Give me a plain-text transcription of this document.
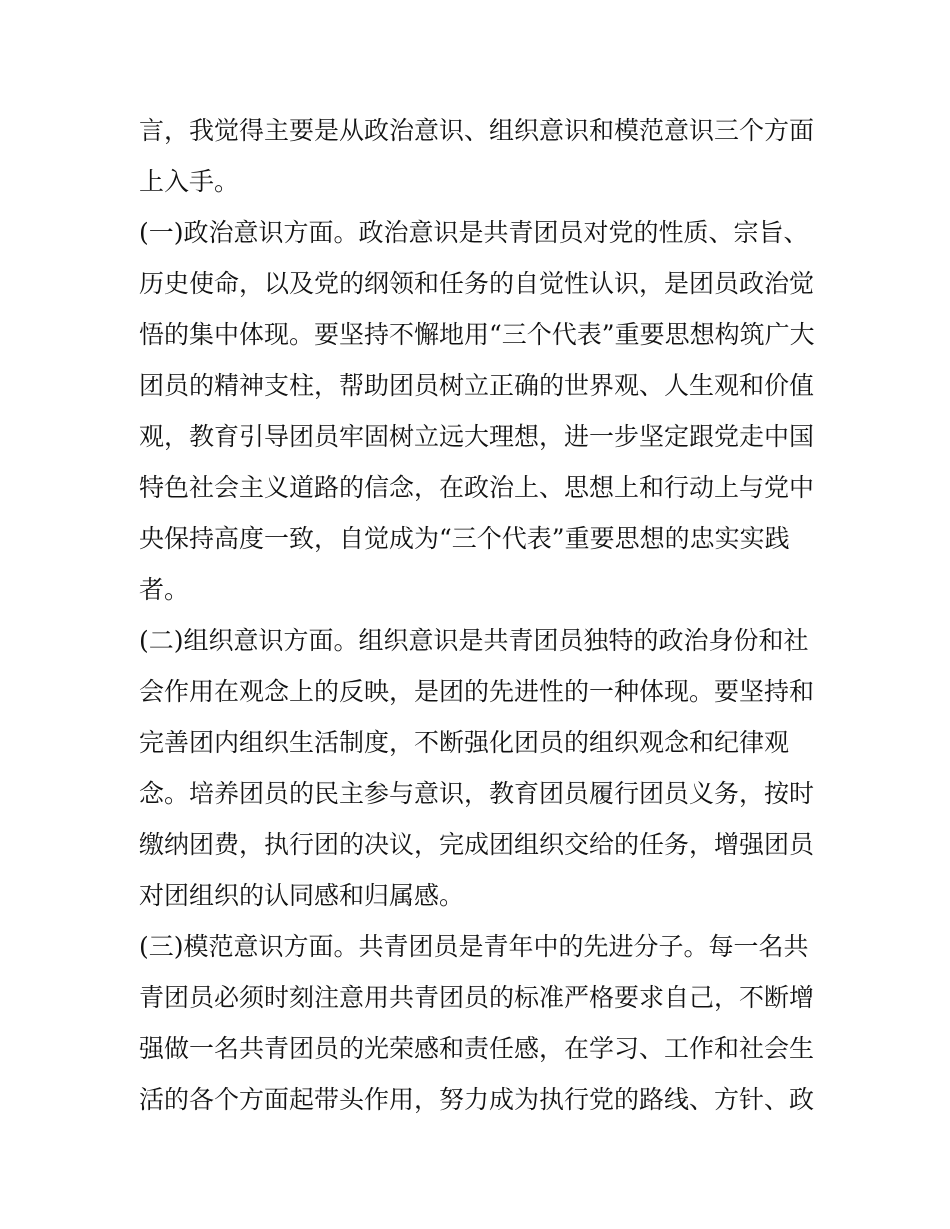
言，我觉得主要是从政治意识、组织意识和模范意识三个方面
上入手。
(一)政治意识方面。政治意识是共青团员对党的性质、宗旨、
历史使命，以及党的纲领和任务的自觉性认识，是团员政治觉
悟的集中体现。要坚持不懈地用“三个代表”重要思想构筑广大
团员的精神支柱，帮助团员树立正确的世界观、人生观和价值
观，教育引导团员牢固树立远大理想，进一步坚定跟党走中国
特色社会主义道路的信念，在政治上、思想上和行动上与党中
央保持高度一致，自觉成为“三个代表”重要思想的忠实实践
者。
(二)组织意识方面。组织意识是共青团员独特的政治身份和社
会作用在观念上的反映，是团的先进性的一种体现。要坚持和
完善团内组织生活制度，不断强化团员的组织观念和纪律观
念。培养团员的民主参与意识，教育团员履行团员义务，按时
缴纳团费，执行团的决议，完成团组织交给的任务，增强团员
对团组织的认同感和归属感。
(三)模范意识方面。共青团员是青年中的先进分子。每一名共
青团员必须时刻注意用共青团员的标准严格要求自己，不断增
强做一名共青团员的光荣感和责任感，在学习、工作和社会生
活的各个方面起带头作用，努力成为执行党的路线、方针、政
